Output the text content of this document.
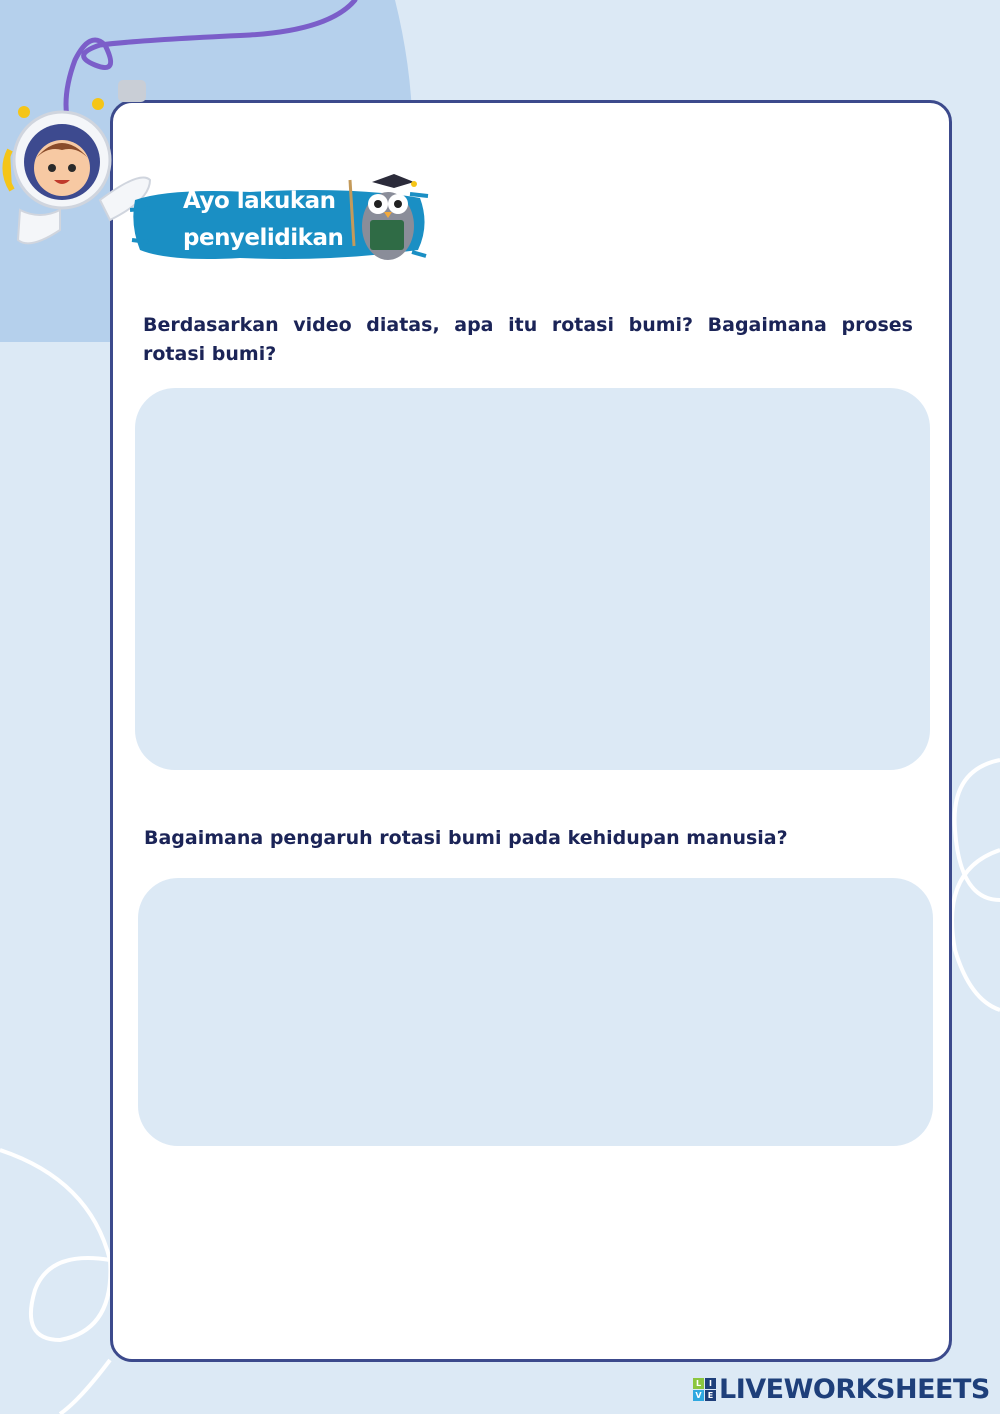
Ayo lakukan
penyelidikan
Berdasarkan video diatas, apa itu rotasi bumi? Bagaimana proses rotasi bumi?
Bagaimana pengaruh rotasi bumi pada kehidupan manusia?
L I
V E LIVEWORKSHEETS
